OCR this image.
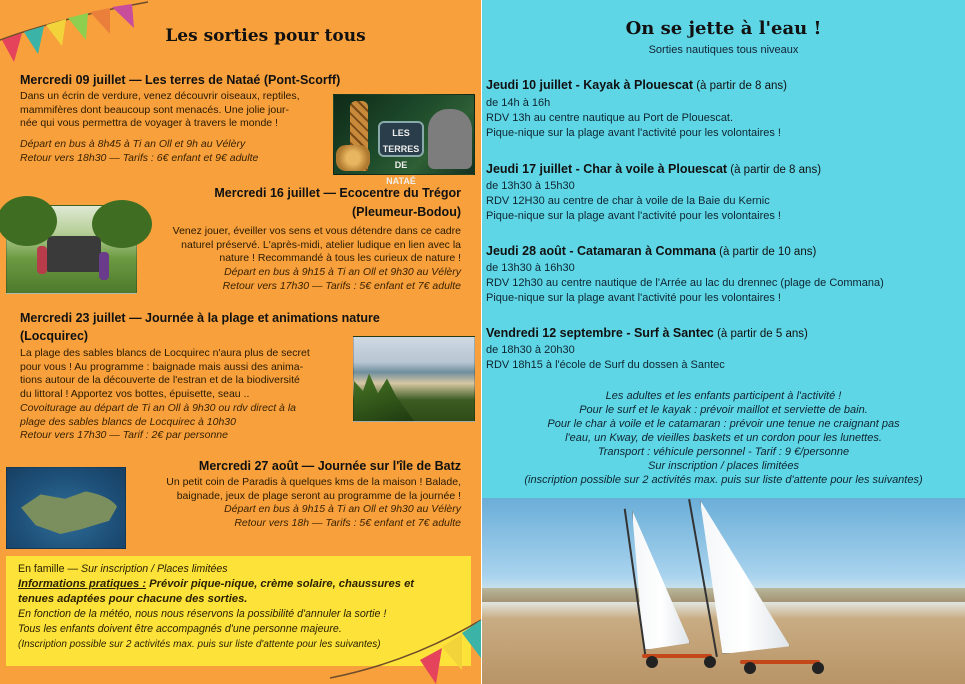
Les sorties pour tous
Mercredi 09 juillet — Les terres de Nataé (Pont-Scorff)
Dans un écrin de verdure, venez découvrir oiseaux, reptiles,
mammifères dont beaucoup sont menacés. Une jolie jour-
née qui vous permettra de voyager à travers le monde !
Départ en bus à 8h45 à Ti an Oll et 9h au Vélèry
Retour vers 18h30 — Tarifs : 6€ enfant et 9€ adulte
LES TERRES DE
NATAÉ
Mercredi 16 juillet — Ecocentre du Trégor
(Pleumeur-Bodou)
Venez jouer, éveiller vos sens et vous détendre dans ce cadre
naturel préservé. L'après-midi, atelier ludique en lien avec la
nature ! Recommandé à tous les curieux de nature !
Départ en bus à 9h15 à Ti an Oll et 9h30 au Vélèry
Retour vers 17h30 — Tarifs : 5€ enfant et 7€ adulte
Mercredi 23 juillet — Journée à la plage et animations nature
(Locquirec)
La plage des sables blancs de Locquirec n'aura plus de secret
pour vous ! Au programme : baignade mais aussi des anima-
tions autour de la découverte de l'estran et de la biodiversité
du littoral ! Apportez vos bottes, épuisette, seau ..
Covoiturage au départ de Ti an Oll à 9h30 ou rdv direct à la
plage des sables blancs de Locquirec à 10h30
Retour vers 17h30 — Tarif : 2€ par personne
Mercredi 27 août — Journée sur l'île de Batz
Un petit coin de Paradis à quelques kms de la maison ! Balade,
baignade, jeux de plage seront au programme de la journée !
Départ en bus à 9h15 à Ti an Oll et 9h30 au Vélèry
Retour vers 18h — Tarifs : 5€ enfant et 7€ adulte
En famille — Sur inscription / Places limitées
Informations pratiques : Prévoir pique-nique, crème solaire, chaussures et
tenues adaptées pour chacune des sorties.
En fonction de la météo, nous nous réservons la possibilité d'annuler la sortie !
Tous les enfants doivent être accompagnés d'une personne majeure.
(Inscription possible sur 2 activités max. puis sur liste d'attente pour les suivantes)
On se jette à l'eau !
Sorties nautiques tous niveaux
Jeudi 10 juillet - Kayak à Plouescat (à partir de 8 ans)
de 14h à 16h
RDV 13h au centre nautique au Port de Plouescat.
Pique-nique sur la plage avant l'activité pour les volontaires !
Jeudi 17 juillet - Char à voile à Plouescat (à partir de 8 ans)
de 13h30 à 15h30
RDV 12H30 au centre de char à voile de la Baie du Kernic
Pique-nique sur la plage avant l'activité pour les volontaires !
Jeudi 28 août - Catamaran à Commana (à partir de 10 ans)
de 13h30 à 16h30
RDV 12h30 au centre nautique de l'Arrée au lac du drennec (plage de Commana)
Pique-nique sur la plage avant l'activité pour les volontaires !
Vendredi 12 septembre - Surf à Santec (à partir de 5 ans)
de 18h30 à 20h30
RDV 18h15 à l'école de Surf du dossen à Santec
Les adultes et les enfants participent à l'activité !
Pour le surf et le kayak : prévoir maillot et serviette de bain.
Pour le char à voile et le catamaran : prévoir une tenue ne craignant pas
l'eau, un Kway, de vieilles baskets et un cordon pour les lunettes.
Transport : véhicule personnel - Tarif : 9 €/personne
Sur inscription / places limitées
(inscription possible sur 2 activités max. puis sur liste d'attente pour les suivantes)
